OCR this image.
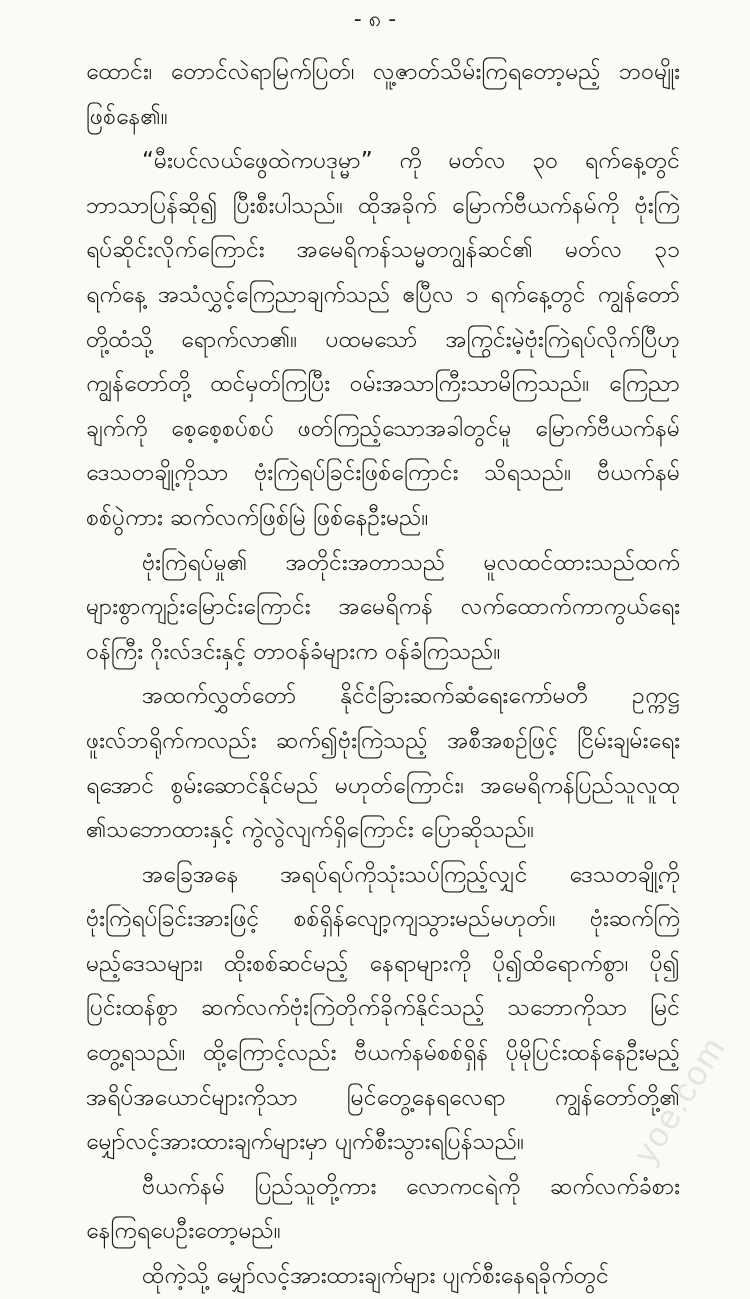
- ၈ -
ထောင်း၊ တောင်လဲရာမြက်ပြတ်၊ လူ့ဇာတ်သိမ်းကြရတော့မည့် ဘ၀မျိုး
ဖြစ်နေ၏။
“မီးပင်လယ်ဖွေထဲကပဒုမ္မာ” ကို မတ်လ ၃၀ ရက်နေ့တွင်
ဘာသာပြန်ဆို၍ ပြီးစီးပါသည်။ ထိုအခိုက် မြောက်ဗီယက်နမ်ကို ဗုံးကြဲ
ရပ်ဆိုင်းလိုက်ကြောင်း အမေရိကန်သမ္မတဂျွန်ဆင်၏ မတ်လ ၃၁
ရက်နေ့ အသံလွှင့်ကြေညာချက်သည် ဧပြီလ ၁ ရက်နေ့တွင် ကျွန်တော်
တို့ထံသို့ ရောက်လာ၏။ ပထမသော် အကြွင်းမဲ့ဗုံးကြဲရပ်လိုက်ပြီဟု
ကျွန်တော်တို့ ထင်မှတ်ကြပြီး ဝမ်းအသာကြီးသာမိကြသည်။ ကြေညာ
ချက်ကို စေ့စေ့စပ်စပ် ဖတ်ကြည့်သောအခါတွင်မူ မြောက်ဗီယက်နမ်
ဒေသတချို့ကိုသာ ဗုံးကြဲရပ်ခြင်းဖြစ်ကြောင်း သိရသည်။ ဗီယက်နမ်
စစ်ပွဲကား ဆက်လက်ဖြစ်မြဲ ဖြစ်နေဦးမည်။
ဗုံးကြဲရပ်မှု၏ အတိုင်းအတာသည် မူလထင်ထားသည်ထက်
များစွာကျဉ်းမြောင်းကြောင်း အမေရိကန် လက်ထောက်ကာကွယ်ရေး
ဝန်ကြီး ဂိုးလ်ဒင်းနှင့် တာဝန်ခံများက ဝန်ခံကြသည်။
အထက်လွှတ်တော် နိုင်ငံခြားဆက်ဆံရေးကော်မတီ ဥက္ကဋ္ဌ
ဖူးလ်ဘရိုက်ကလည်း ဆက်၍ဗုံးကြဲသည့် အစီအစဉ်ဖြင့် ငြိမ်းချမ်းရေး
ရအောင် စွမ်းဆောင်နိုင်မည် မဟုတ်ကြောင်း၊ အမေရိကန်ပြည်သူလူထု
၏သဘောထားနှင့် ကွဲလွဲလျက်ရှိကြောင်း ပြောဆိုသည်။
အခြေအနေ အရပ်ရပ်ကိုသုံးသပ်ကြည့်လျှင် ဒေသတချို့ကို
ဗုံးကြဲရပ်ခြင်းအားဖြင့် စစ်ရှိန်လျော့ကျသွားမည်မဟုတ်။ ဗုံးဆက်ကြဲ
မည့်ဒေသများ၊ ထိုးစစ်ဆင်မည့် နေရာများကို ပို၍ထိရောက်စွာ၊ ပို၍
ပြင်းထန်စွာ ဆက်လက်ဗုံးကြဲတိုက်ခိုက်နိုင်သည့် သဘောကိုသာ မြင်
တွေ့ရသည်။ ထို့ကြောင့်လည်း ဗီယက်နမ်စစ်ရှိန် ပိုမိုပြင်းထန်နေဦးမည့်
အရိပ်အယောင်များကိုသာ မြင်တွေ့နေရလေရာ ကျွန်တော်တို့၏
မျှော်လင့်အားထားချက်များမှာ ပျက်စီးသွားရပြန်သည်။
ဗီယက်နမ် ပြည်သူတို့ကား လောကငရဲကို ဆက်လက်ခံစား
နေကြရပေဦးတော့မည်။
ထိုကဲ့သို့ မျှော်လင့်အားထားချက်များ ပျက်စီးနေရခိုက်တွင်
yoe.com
